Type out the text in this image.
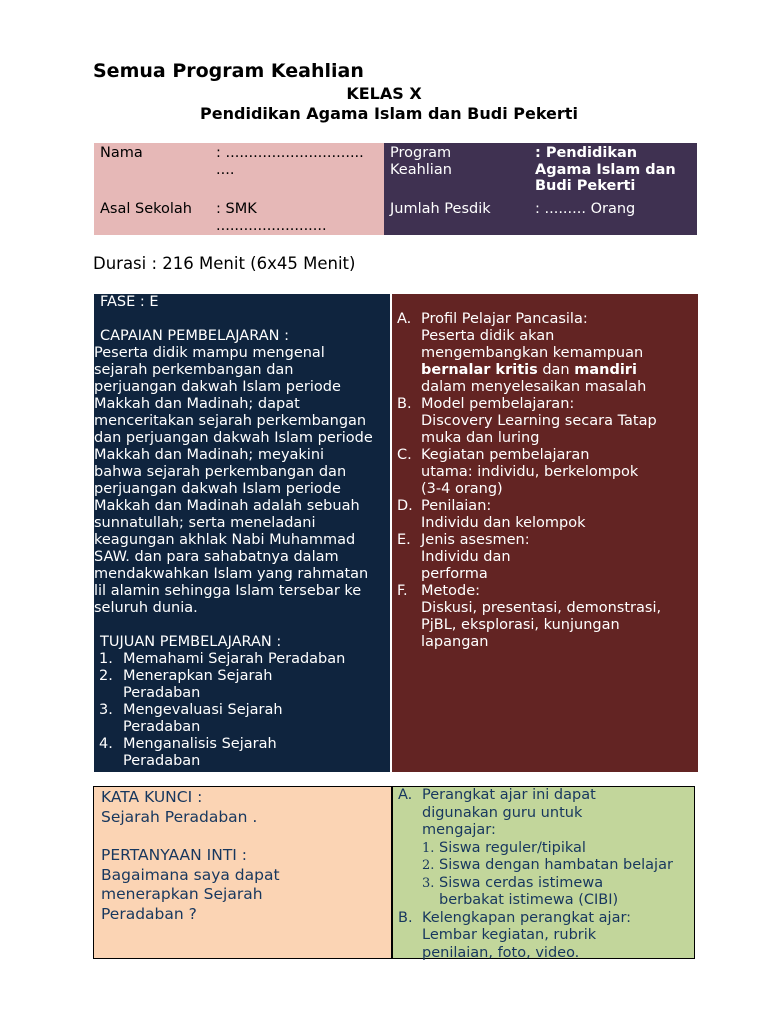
Semua Program Keahlian
KELAS X
Pendidikan Agama Islam dan Budi Pekerti
Nama	: ..............................
....
Asal Sekolah : SMK
........................
Program
Keahlian
: Pendidikan
Agama Islam dan
Budi Pekerti
Jumlah Pesdik	: ......... Orang
Durasi : 216 Menit (6x45 Menit)
FASE : E
CAPAIAN PEMBELAJARAN :
Peserta didik mampu mengenal
sejarah perkembangan dan
perjuangan dakwah Islam periode
Makkah dan Madinah; dapat
menceritakan sejarah perkembangan
dan perjuangan dakwah Islam periode
Makkah dan Madinah; meyakini
bahwa sejarah perkembangan dan
perjuangan dakwah Islam periode
Makkah dan Madinah adalah sebuah
sunnatullah; serta meneladani
keagungan akhlak Nabi Muhammad
SAW. dan para sahabatnya dalam
mendakwahkan Islam yang rahmatan
lil alamin sehingga Islam tersebar ke
seluruh dunia.
TUJUAN PEMBELAJARAN :
1. Memahami Sejarah Peradaban
2. Menerapkan Sejarah
Peradaban
3. Mengevaluasi Sejarah
Peradaban
4. Menganalisis Sejarah
Peradaban
A. Profil Pelajar Pancasila:
Peserta didik akan
mengembangkan kemampuan
bernalar kritis dan mandiri
dalam menyelesaikan masalah
B. Model pembelajaran:
Discovery Learning secara Tatap
muka dan luring
C. Kegiatan pembelajaran
utama: individu, berkelompok
(3-4 orang)
D. Penilaian:
Individu dan kelompok
E. Jenis asesmen:
Individu dan
performa
F. Metode:
Diskusi, presentasi, demonstrasi,
PjBL, eksplorasi, kunjungan
lapangan
KATA KUNCI :
Sejarah Peradaban .
PERTANYAAN INTI :
Bagaimana saya dapat
menerapkan Sejarah
Peradaban ?
A. Perangkat ajar ini dapat
digunakan guru untuk
mengajar:
1. Siswa reguler/tipikal
2. Siswa dengan hambatan belajar
3. Siswa cerdas istimewa
berbakat istimewa (CIBI)
B. Kelengkapan perangkat ajar:
Lembar kegiatan, rubrik
penilaian, foto, video.
